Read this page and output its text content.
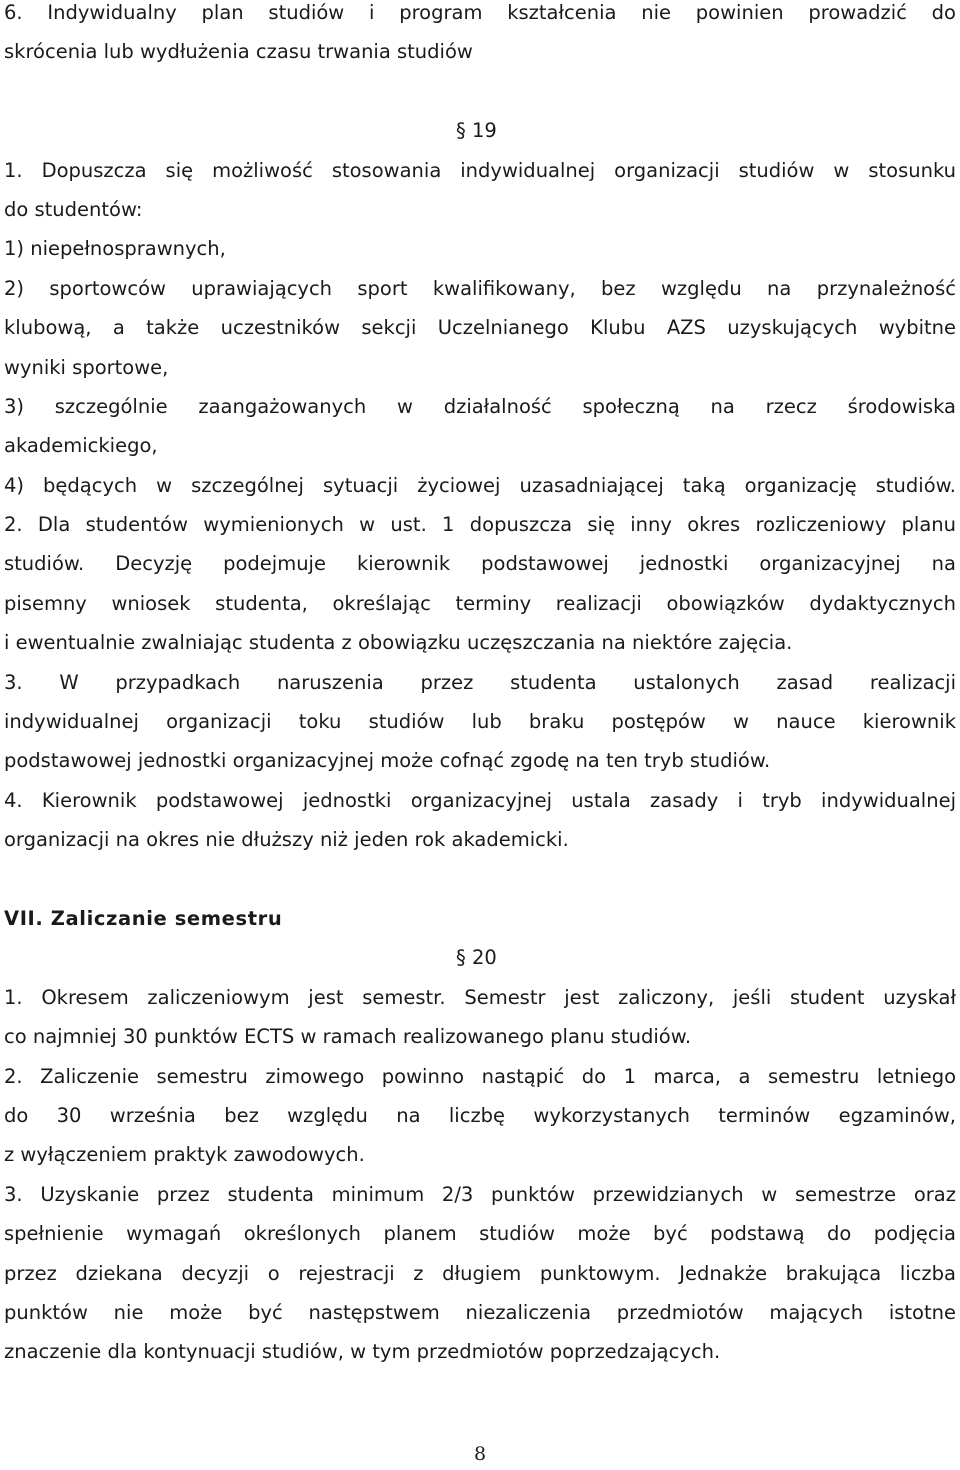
6. Indywidualny plan studiów i program kształcenia nie powinien prowadzić do
skrócenia lub wydłużenia czasu trwania studiów
§ 19
1. Dopuszcza się możliwość stosowania indywidualnej organizacji studiów w stosunku
do studentów:
1) niepełnosprawnych,
2) sportowców uprawiających sport kwalifikowany, bez względu na przynależność
klubową, a także uczestników sekcji Uczelnianego Klubu AZS uzyskujących wybitne
wyniki sportowe,
3) szczególnie zaangażowanych w działalność społeczną na rzecz środowiska
akademickiego,
4) będących w szczególnej sytuacji życiowej uzasadniającej taką organizację studiów.
2. Dla studentów wymienionych w ust. 1 dopuszcza się inny okres rozliczeniowy planu
studiów. Decyzję podejmuje kierownik podstawowej jednostki organizacyjnej na
pisemny wniosek studenta, określając terminy realizacji obowiązków dydaktycznych
i ewentualnie zwalniając studenta z obowiązku uczęszczania na niektóre zajęcia.
3. W przypadkach naruszenia przez studenta ustalonych zasad realizacji
indywidualnej organizacji toku studiów lub braku postępów w nauce kierownik
podstawowej jednostki organizacyjnej może cofnąć zgodę na ten tryb studiów.
4. Kierownik podstawowej jednostki organizacyjnej ustala zasady i tryb indywidualnej
organizacji na okres nie dłuższy niż jeden rok akademicki.
VII. Zaliczanie semestru
§ 20
1. Okresem zaliczeniowym jest semestr. Semestr jest zaliczony, jeśli student uzyskał
co najmniej 30 punktów ECTS w ramach realizowanego planu studiów.
2. Zaliczenie semestru zimowego powinno nastąpić do 1 marca, a semestru letniego
do 30 września bez względu na liczbę wykorzystanych terminów egzaminów,
z wyłączeniem praktyk zawodowych.
3. Uzyskanie przez studenta minimum 2/3 punktów przewidzianych w semestrze oraz
spełnienie wymagań określonych planem studiów może być podstawą do podjęcia
przez dziekana decyzji o rejestracji z długiem punktowym. Jednakże brakująca liczba
punktów nie może być następstwem niezaliczenia przedmiotów mających istotne
znaczenie dla kontynuacji studiów, w tym przedmiotów poprzedzających.
8
